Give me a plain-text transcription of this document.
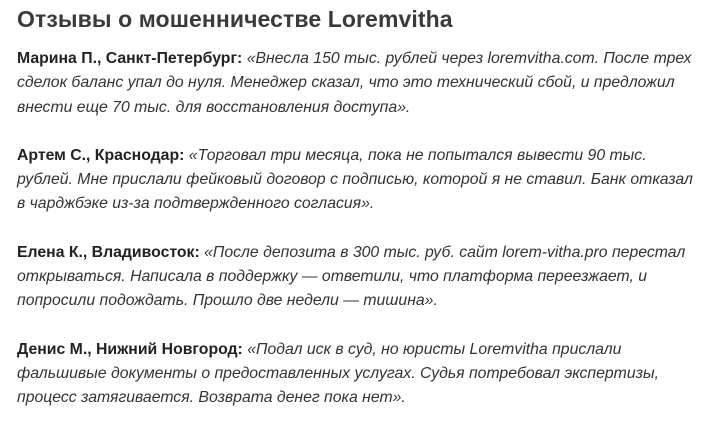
Отзывы о мошенничестве Loremvitha
Марина П., Санкт-Петербург: «Внесла 150 тыс. рублей через loremvitha.com. После трех сделок баланс упал до нуля. Менеджер сказал, что это технический сбой, и предложил внести еще 70 тыс. для восстановления доступа».
Артем С., Краснодар: «Торговал три месяца, пока не попытался вывести 90 тыс. рублей. Мне прислали фейковый договор с подписью, которой я не ставил. Банк отказал в чарджбэке из-за подтвержденного согласия».
Елена К., Владивосток: «После депозита в 300 тыс. руб. сайт lorem-vitha.pro перестал открываться. Написала в поддержку — ответили, что платформа переезжает, и попросили подождать. Прошло две недели — тишина».
Денис М., Нижний Новгород: «Подал иск в суд, но юристы Loremvitha прислали фальшивые документы о предоставленных услугах. Судья потребовал экспертизы, процесс затягивается. Возврата денег пока нет».
